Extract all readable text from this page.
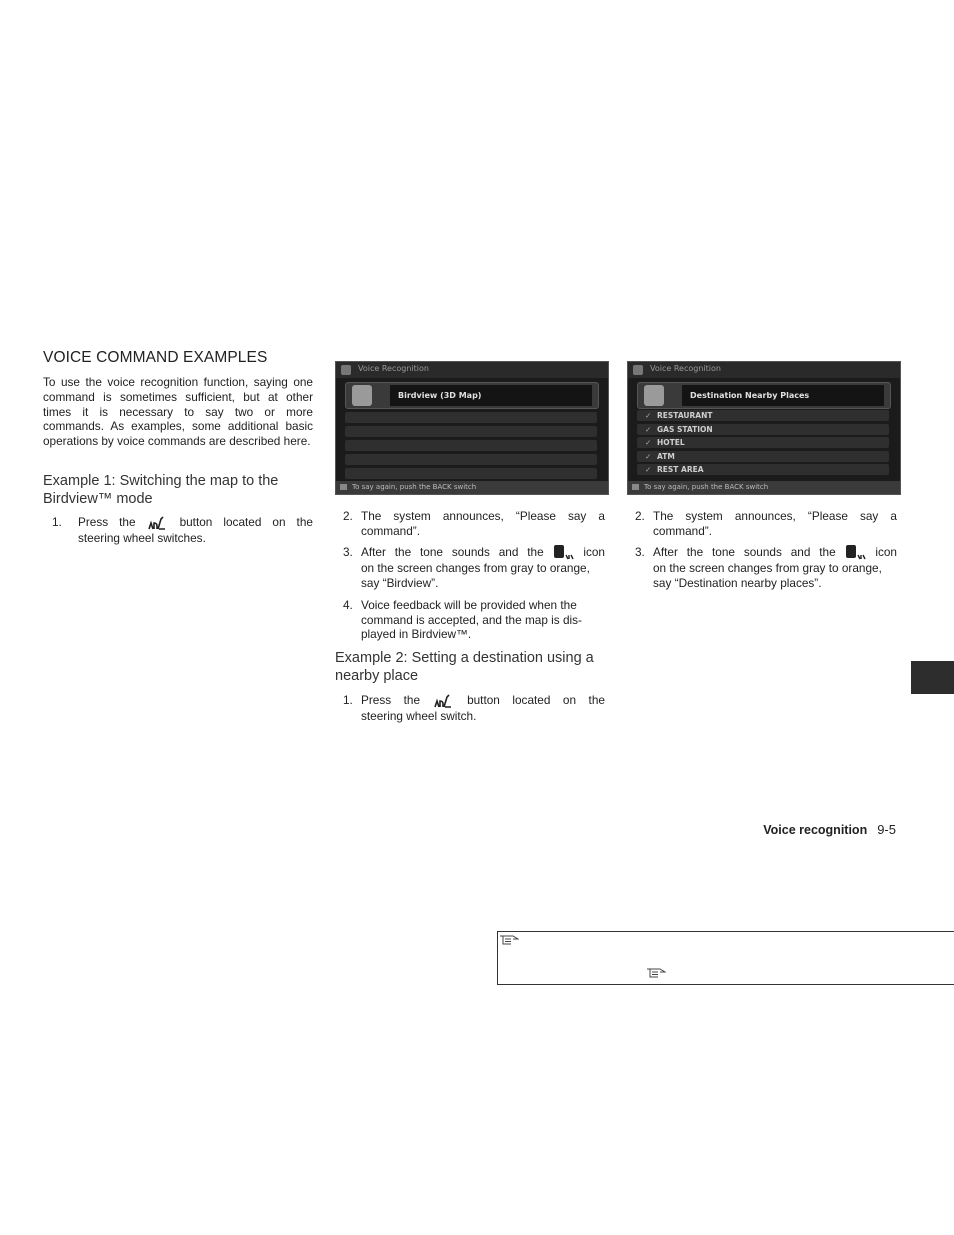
VOICE COMMAND EXAMPLES
To use the voice recognition function, saying one command is sometimes sufficient, but at other times it is necessary to say two or more commands. As examples, some additional basic operations by voice commands are described here.
Example 1: Switching the map to the Birdview™ mode
1. Press the	button located on the
steering wheel switches.
Voice Recognition
Birdview (3D Map)
To say again, push the BACK switch
Voice Recognition
Destination Nearby Places
✓ RESTAURANT
✓ GAS STATION
✓ HOTEL
✓ ATM
✓ REST AREA
To say again, push the BACK switch
2. The system announces, “Please say a
command”.
3. After the tone sounds and the	icon
on the screen changes from gray to orange,
say “Birdview”.
4. Voice feedback will be provided when the
command is accepted, and the map is dis-
played in Birdview™.
Example 2: Setting a destination using a nearby place
1. Press the	button located on the
steering wheel switch.
2. The system announces, “Please say a
command”.
3. After the tone sounds and the	icon
on the screen changes from gray to orange,
say “Destination nearby places”.
Voice recognition 9-5
